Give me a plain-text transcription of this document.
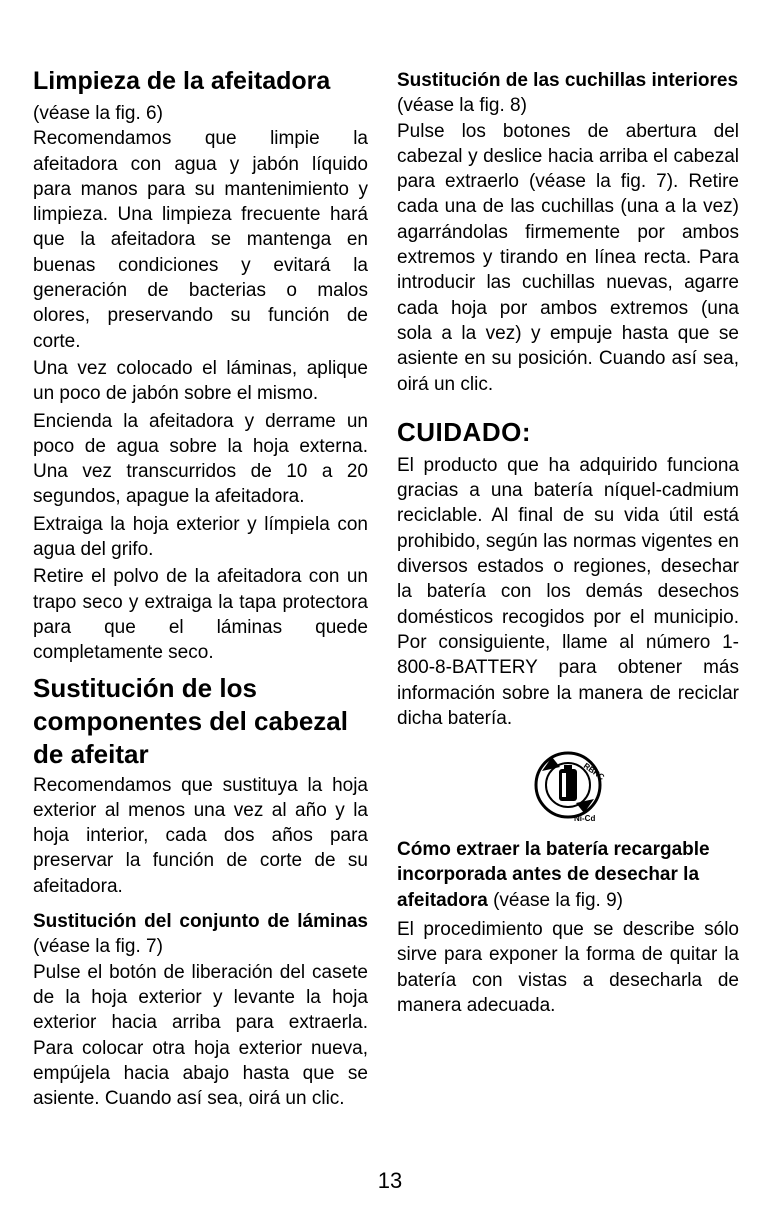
Limpieza de la afeitadora

(véase la fig. 6)

Recomendamos que limpie la afeitadora con agua y jabón líquido para manos para su mantenimiento y limpieza. Una limpieza frecuente hará que la afeitadora se mantenga en buenas condiciones y evitará la generación de bacterias o malos olores, preservando su función de corte.

Una vez colocado el láminas, aplique un poco de jabón sobre el mismo.

Encienda la afeitadora y derrame un poco de agua sobre la hoja externa. Una vez transcurridos de 10 a 20 segundos, apague la afeitadora.

Extraiga la hoja exterior y límpiela con agua del grifo.

Retire el polvo de la afeitadora con un trapo seco y extraiga la tapa protectora para que el láminas quede completamente seco.

Sustitución de los componentes del cabezal de afeitar

Recomendamos que sustituya la hoja exterior al menos una vez al año y la hoja interior, cada dos años para preservar la función de corte de su afeitadora.

Sustitución del conjunto de láminas (véase la fig. 7)

Pulse el botón de liberación del casete de la hoja exterior y levante la hoja exterior hacia arriba para extraerla. Para colocar otra hoja exterior nueva, empújela hacia abajo hasta que se asiente. Cuando así sea, oirá un clic.

Sustitución de las cuchillas interiores (véase la fig. 8)

Pulse los botones de abertura del cabezal y deslice hacia arriba el cabezal para extraerlo (véase la fig. 7). Retire cada una de las cuchillas (una a la vez) agarrándolas firmemente por ambos extremos y tirando en línea recta. Para introducir las cuchillas nuevas, agarre cada hoja por ambos extremos (una sola a la vez) y empuje hasta que se asiente en su posición. Cuando así sea, oirá un clic.

CUIDADO:

El producto que ha adquirido funciona gracias a una batería níquel-cadmium reciclable. Al final de su vida útil está prohibido, según las normas vigentes en diversos estados o regiones, desechar la batería con los demás desechos domésticos recogidos por el municipio. Por consiguiente, llame al número 1-800-8-BATTERY para obtener más información sobre la manera de reciclar dicha batería.

RBRC
Ni-Cd

Cómo extraer la batería recargable incorporada antes de desechar la afeitadora (véase la fig. 9)

El procedimiento que se describe sólo sirve para exponer la forma de quitar la batería con vistas a desecharla de manera adecuada.

13
